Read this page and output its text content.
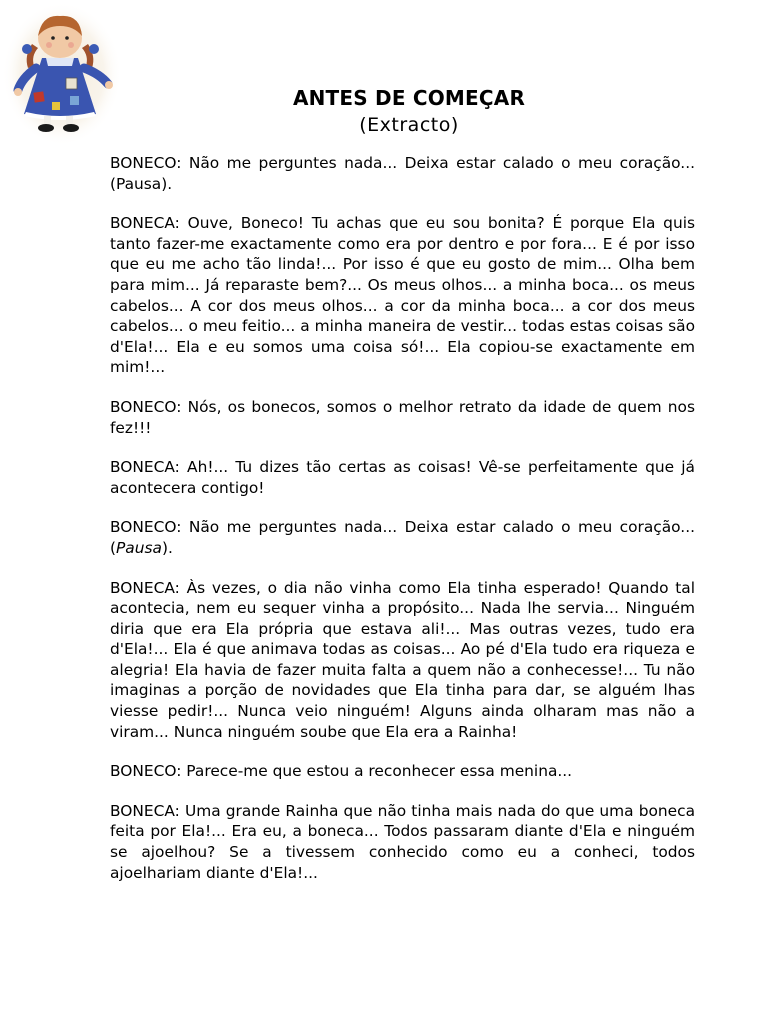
ANTES DE COMEÇAR
(Extracto)

BONECO: Não me perguntes nada... Deixa estar calado o meu coração... (Pausa).

BONECA: Ouve, Boneco! Tu achas que eu sou bonita? É porque Ela quis tanto fazer-me exactamente como era por dentro e por fora... E é por isso que eu me acho tão linda!... Por isso é que eu gosto de mim... Olha bem para mim... Já reparaste bem?... Os meus olhos... a minha boca... os meus cabelos... A cor dos meus olhos... a cor da minha boca... a cor dos meus cabelos... o meu feitio... a minha maneira de vestir... todas estas coisas são d'Ela!... Ela e eu somos uma coisa só!... Ela copiou-se exactamente em mim!...

BONECO: Nós, os bonecos, somos o melhor retrato da idade de quem nos fez!!!

BONECA: Ah!... Tu dizes tão certas as coisas! Vê-se perfeitamente que já acontecera contigo!

BONECO: Não me perguntes nada... Deixa estar calado o meu coração... (Pausa).

BONECA: Às vezes, o dia não vinha como Ela tinha esperado! Quando tal acontecia, nem eu sequer vinha a propósito... Nada lhe servia... Ninguém diria que era Ela própria que estava ali!... Mas outras vezes, tudo era d'Ela!... Ela é que animava todas as coisas... Ao pé d'Ela tudo era riqueza e alegria! Ela havia de fazer muita falta a quem não a conhecesse!... Tu não imaginas a porção de novidades que Ela tinha para dar, se alguém lhas viesse pedir!... Nunca veio ninguém! Alguns ainda olharam mas não a viram... Nunca ninguém soube que Ela era a Rainha!

BONECO: Parece-me que estou a reconhecer essa menina...

BONECA: Uma grande Rainha que não tinha mais nada do que uma boneca feita por Ela!... Era eu, a boneca... Todos passaram diante d'Ela e ninguém se ajoelhou? Se a tivessem conhecido como eu a conheci, todos ajoelhariam diante d'Ela!...
